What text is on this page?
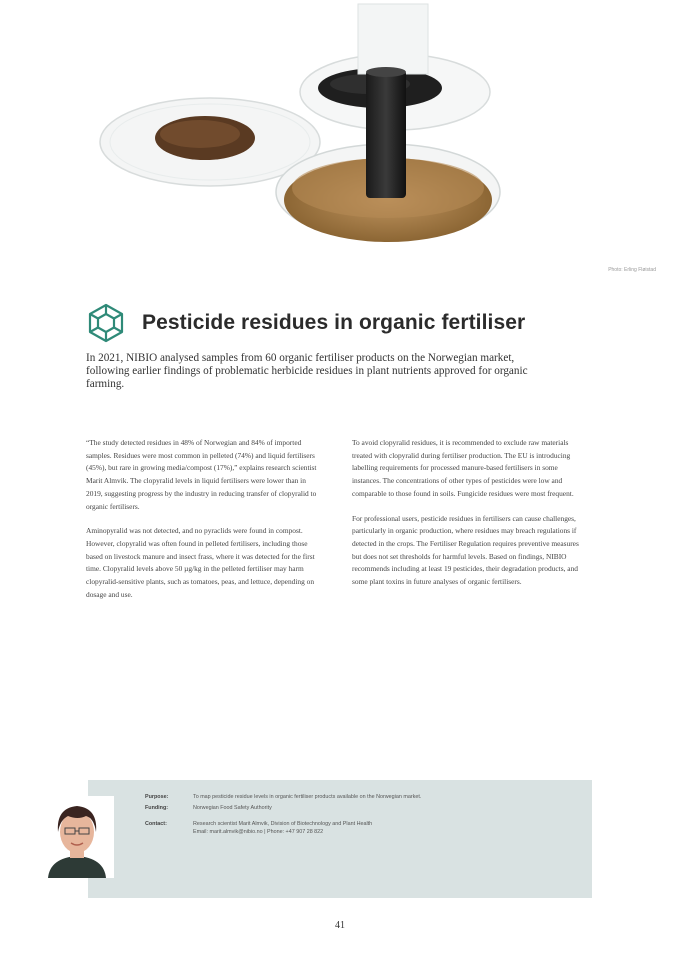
Photo: Erling Fløistad
Pesticide residues in organic fertiliser

In 2021, NIBIO analysed samples from 60 organic fertiliser products on the Norwegian market, following earlier findings of problematic herbicide residues in plant nutrients approved for organic farming.

“The study detected residues in 48% of Norwegian and 84% of imported samples. Residues were most common in pelleted (74%) and liquid fertilisers (45%), but rare in growing media/compost (17%),” explains research scientist Marit Almvik. The clopyralid levels in liquid fertilisers were lower than in 2019, suggesting progress by the industry in reducing transfer of clopyralid to organic fertilisers.

Aminopyralid was not detected, and no pyraclids were found in compost. However, clopyralid was often found in pelleted fertilisers, including those based on livestock manure and insect frass, where it was detected for the first time. Clopyralid levels above 50 µg/kg in the pelleted fertiliser may harm clopyralid-sensitive plants, such as tomatoes, peas, and lettuce, depending on dosage and use.

To avoid clopyralid residues, it is recommended to exclude raw materials treated with clopyralid during fertiliser production. The EU is introducing labelling requirements for processed manure-based fertilisers in some instances. The concentrations of other types of pesticides were low and comparable to those found in soils. Fungicide residues were most frequent.

For professional users, pesticide residues in fertilisers can cause challenges, particularly in organic production, where residues may breach regulations if detected in the crops. The Fertiliser Regulation requires preventive measures but does not set thresholds for harmful levels. Based on findings, NIBIO recommends including at least 19 pesticides, their degradation products, and some plant toxins in future analyses of organic fertilisers.

Purpose:	To map pesticide residue levels in organic fertiliser products available on the Norwegian market.
Funding:	Norwegian Food Safety Authority
Contact:	Research scientist Marit Almvik, Division of Biotechnology and Plant Health
Email: marit.almvik@nibio.no | Phone: +47 907 28 822
41
